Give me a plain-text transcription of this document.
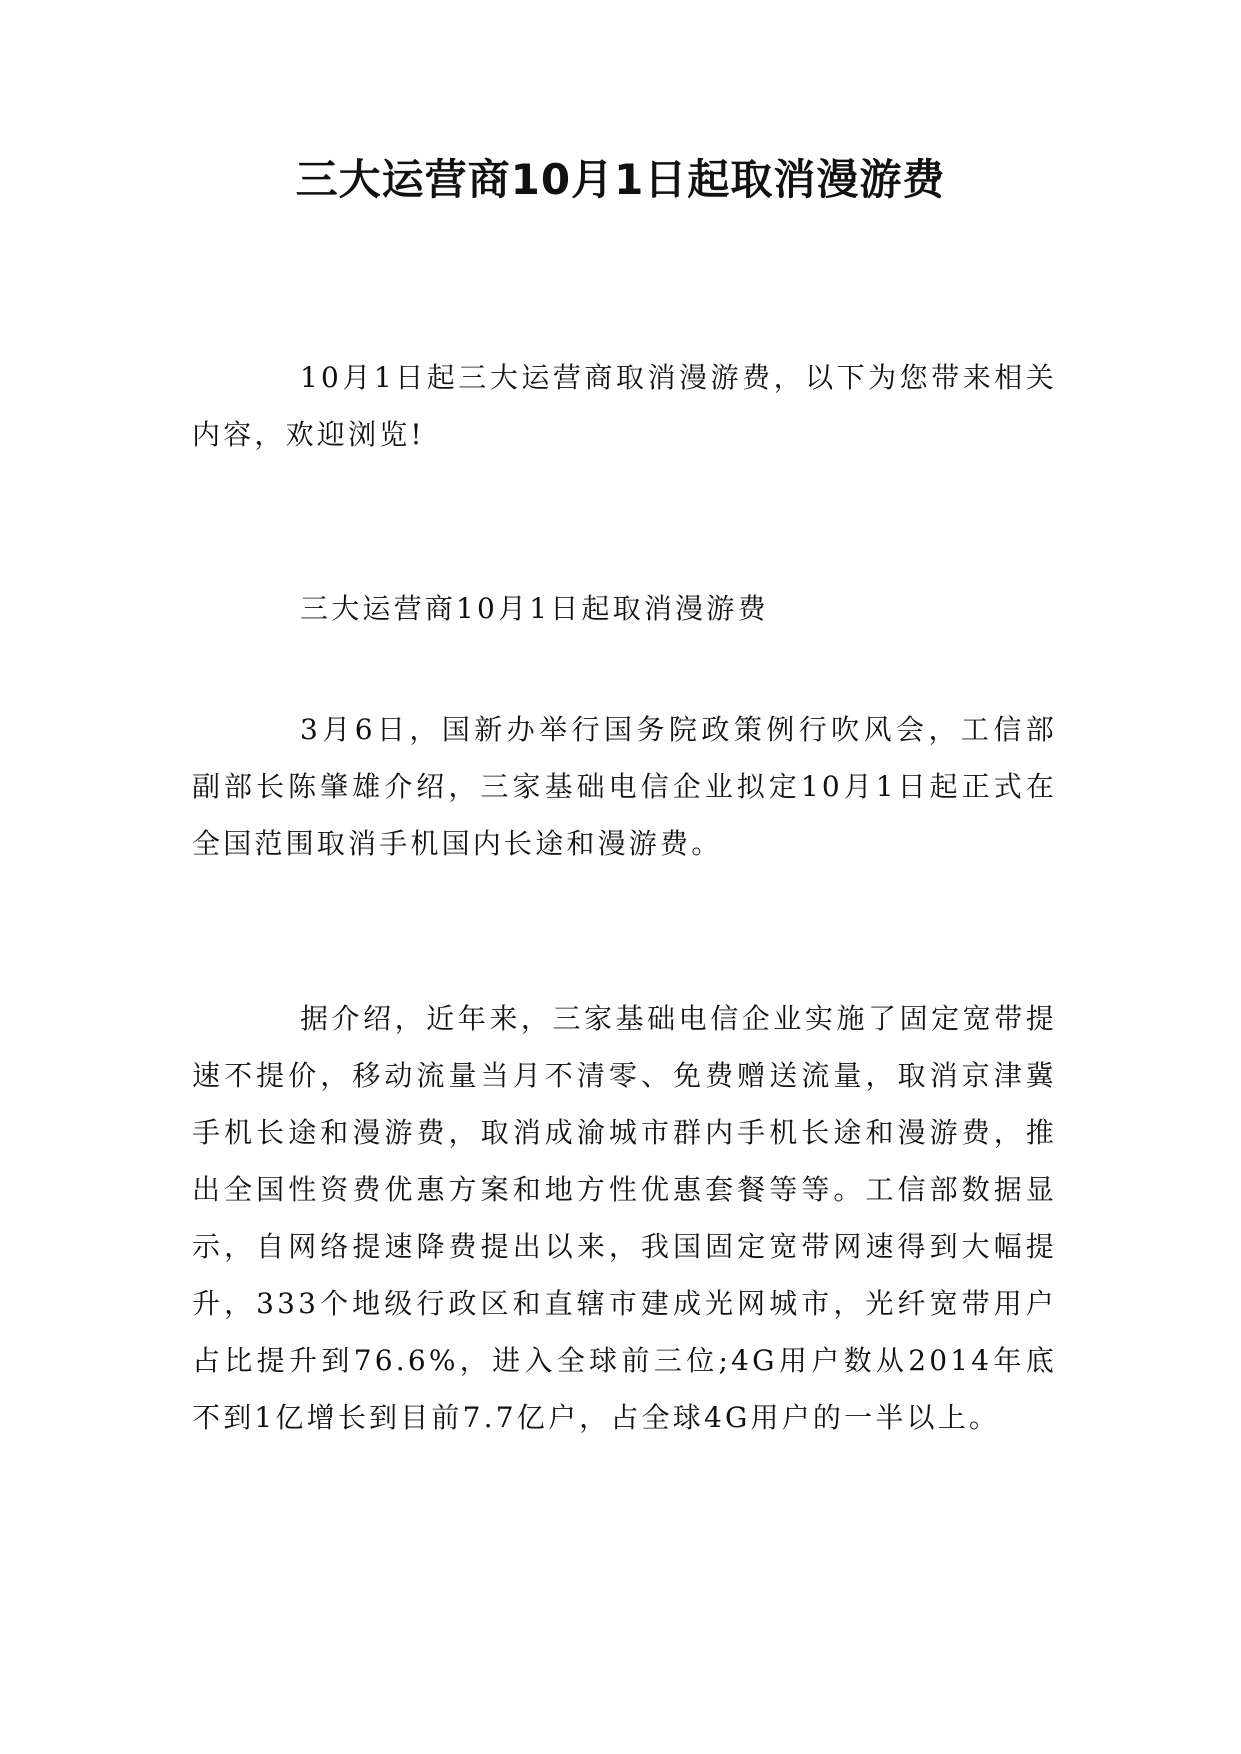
三大运营商10月1日起取消漫游费

10月1日起三大运营商取消漫游费，以下为您带来相关内容，欢迎浏览!

三大运营商10月1日起取消漫游费

3月6日，国新办举行国务院政策例行吹风会，工信部副部长陈肇雄介绍，三家基础电信企业拟定10月1日起正式在全国范围取消手机国内长途和漫游费。

据介绍，近年来，三家基础电信企业实施了固定宽带提速不提价，移动流量当月不清零、免费赠送流量，取消京津冀手机长途和漫游费，取消成渝城市群内手机长途和漫游费，推出全国性资费优惠方案和地方性优惠套餐等等。工信部数据显示，自网络提速降费提出以来，我国固定宽带网速得到大幅提升，333个地级行政区和直辖市建成光网城市，光纤宽带用户占比提升到76.6%，进入全球前三位;4G用户数从2014年底不到1亿增长到目前7.7亿户，占全球4G用户的一半以上。
